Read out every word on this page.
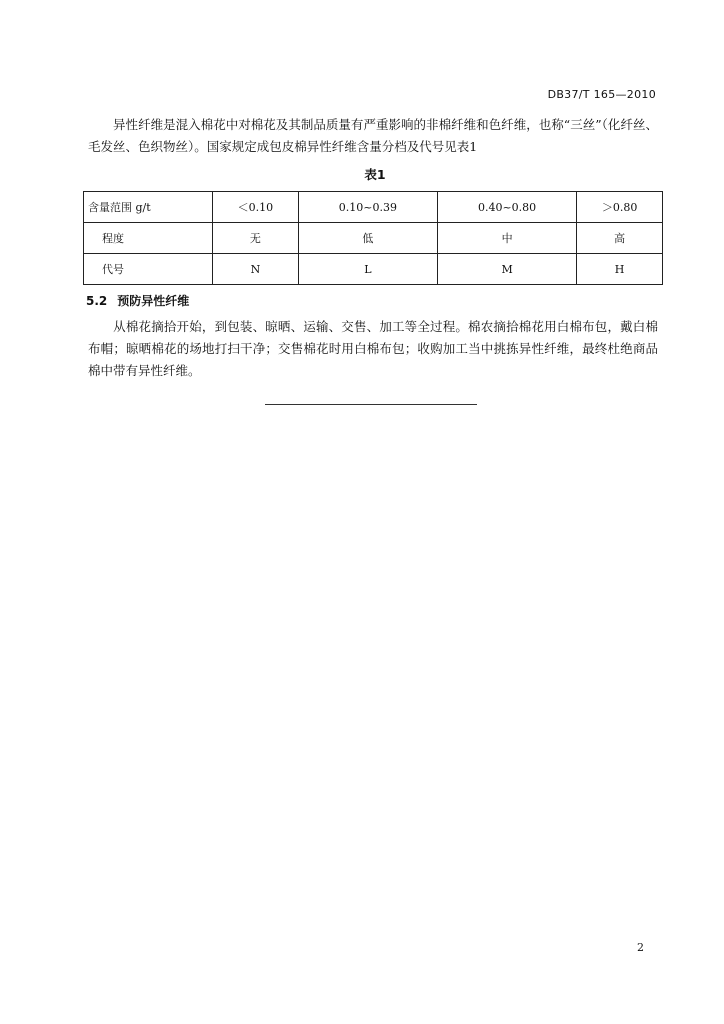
DB37/T 165—2010
异性纤维是混入棉花中对棉花及其制品质量有严重影响的非棉纤维和色纤维，也称“三丝”（化纤丝、毛发丝、色织物丝）。国家规定成包皮棉异性纤维含量分档及代号见表1
表1
含量范围 g/t	＜0.10	0.10~0.39	0.40~0.80	＞0.80
程度	无	低	中	高
代号	N	L	M	H
5.2 预防异性纤维
从棉花摘拾开始，到包装、晾晒、运输、交售、加工等全过程。棉农摘拾棉花用白棉布包，戴白棉布帽；晾晒棉花的场地打扫干净；交售棉花时用白棉布包；收购加工当中挑拣异性纤维，最终杜绝商品棉中带有异性纤维。
2
